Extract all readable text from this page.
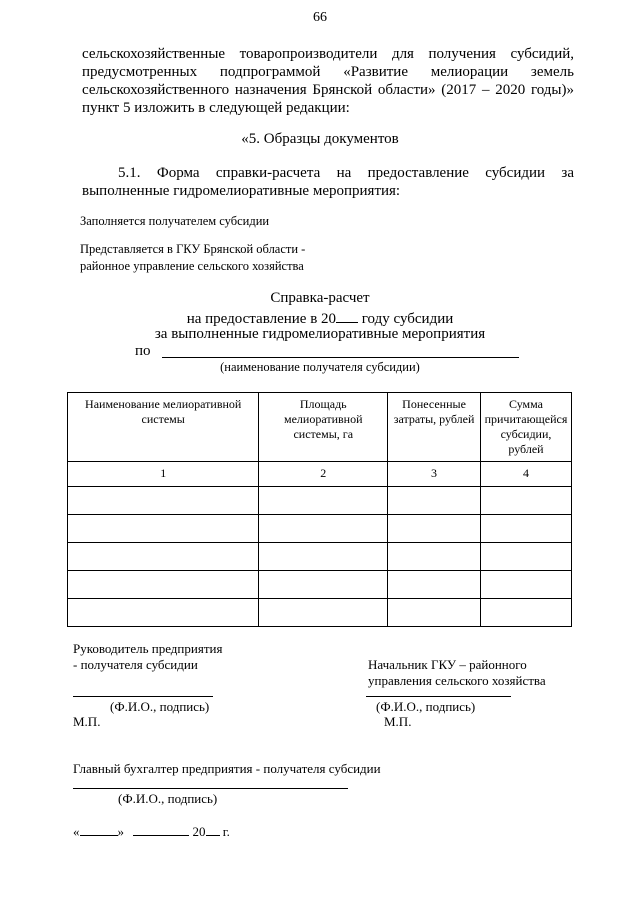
66
сельскохозяйственные товаропроизводители для получения субсидий,
предусмотренных подпрограммой «Развитие мелиорации земель
сельскохозяйственного назначения Брянской области» (2017 – 2020 годы)»
пункт 5 изложить в следующей редакции:
«5. Образцы документов
5.1. Форма справки-расчета на предоставление субсидии за
выполненные гидромелиоративные мероприятия:
Заполняется получателем субсидии
Представляется в ГКУ Брянской области -
районное управление сельского хозяйства
Справка-расчет
на предоставление в 20 году субсидии
за выполненные гидромелиоративные мероприятия
по
(наименование получателя субсидии)
Наименование мелиоративной системы	Площадь мелиоративной системы, га	Понесенные затраты, рублей	Сумма причитающейся субсидии, рублей
1	2	3	4

Руководитель предприятия
- получателя субсидии
(Ф.И.О., подпись)
М.П.
Начальник ГКУ – районного
управления сельского хозяйства
(Ф.И.О., подпись)
М.П.
Главный бухгалтер предприятия - получателя субсидии
(Ф.И.О., подпись)
«	»	20 г.
